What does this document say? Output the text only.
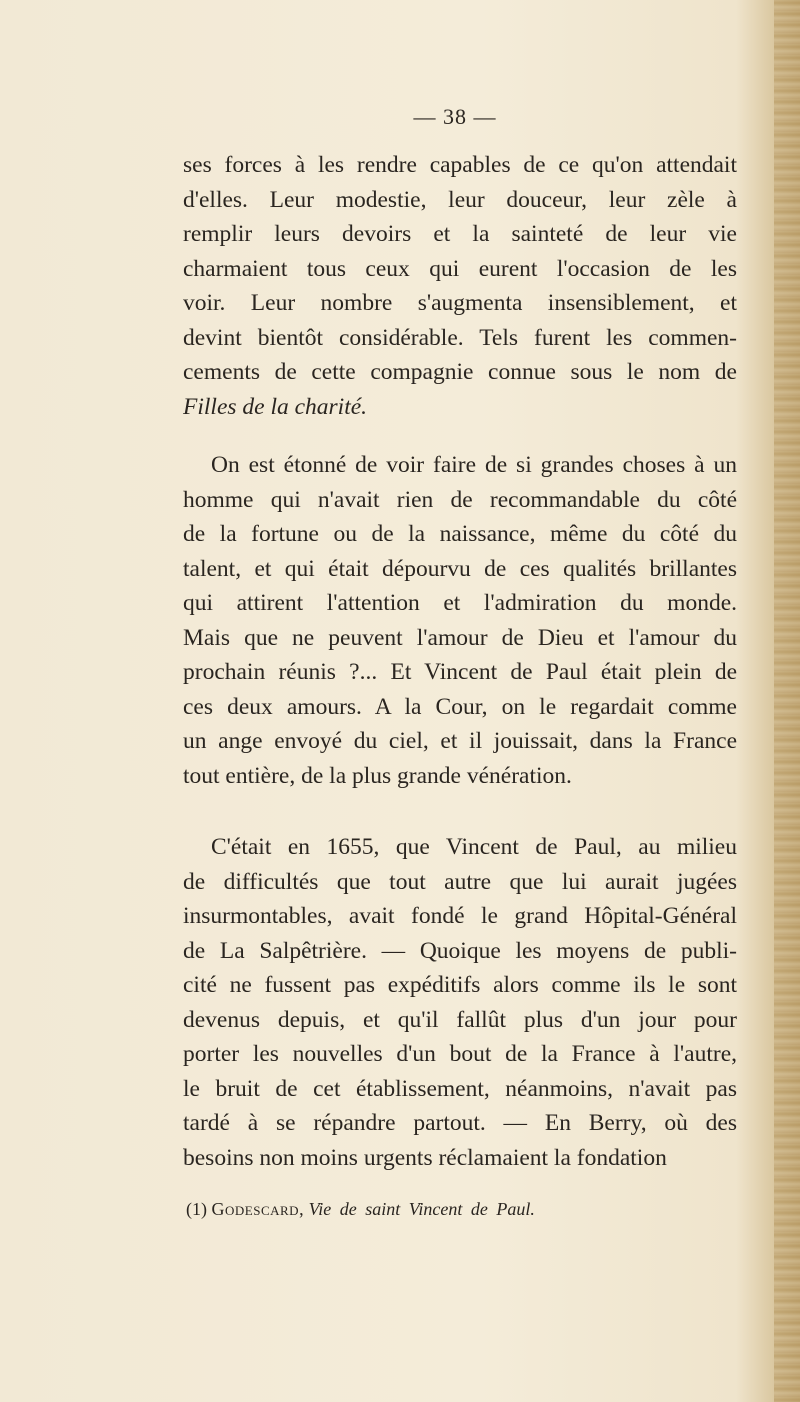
— 38 —
ses forces à les rendre capables de ce qu'on attendait
d'elles. Leur modestie, leur douceur, leur zèle à
remplir leurs devoirs et la sainteté de leur vie
charmaient tous ceux qui eurent l'occasion de les
voir. Leur nombre s'augmenta insensiblement, et
devint bientôt considérable. Tels furent les commen-
cements de cette compagnie connue sous le nom de
Filles de la charité.
On est étonné de voir faire de si grandes choses à un
homme qui n'avait rien de recommandable du côté
de la fortune ou de la naissance, même du côté du
talent, et qui était dépourvu de ces qualités brillantes
qui attirent l'attention et l'admiration du monde.
Mais que ne peuvent l'amour de Dieu et l'amour du
prochain réunis ?... Et Vincent de Paul était plein de
ces deux amours. A la Cour, on le regardait comme
un ange envoyé du ciel, et il jouissait, dans la France
tout entière, de la plus grande vénération.
C'était en 1655, que Vincent de Paul, au milieu
de difficultés que tout autre que lui aurait jugées
insurmontables, avait fondé le grand Hôpital-Général
de La Salpêtrière. — Quoique les moyens de publi-
cité ne fussent pas expéditifs alors comme ils le sont
devenus depuis, et qu'il fallût plus d'un jour pour
porter les nouvelles d'un bout de la France à l'autre,
le bruit de cet établissement, néanmoins, n'avait pas
tardé à se répandre partout. — En Berry, où des
besoins non moins urgents réclamaient la fondation
(1) Godescard, Vie de saint Vincent de Paul.
